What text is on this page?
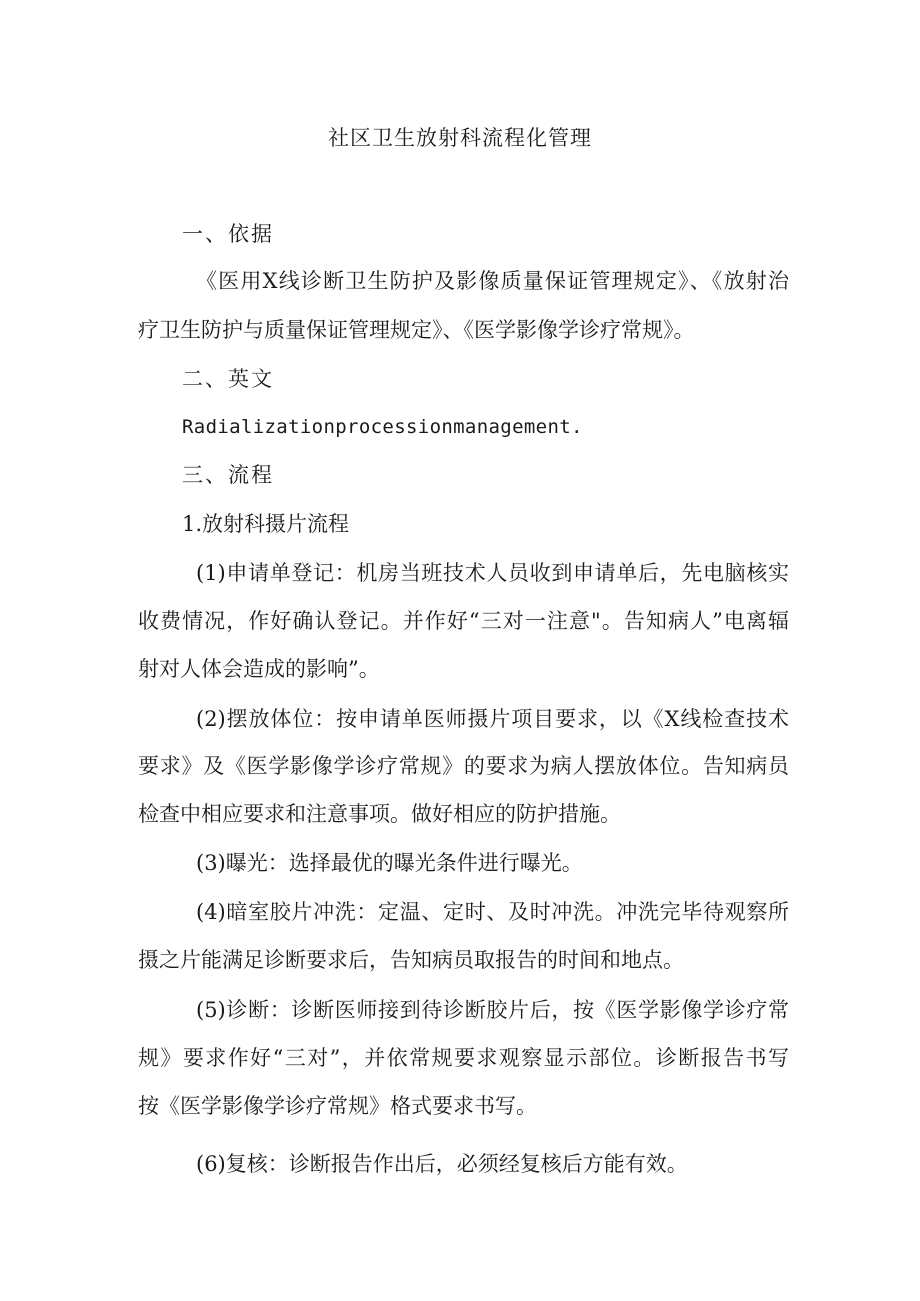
社区卫生放射科流程化管理
一、依据
《医用X线诊断卫生防护及影像质量保证管理规定》、《放射治
疗卫生防护与质量保证管理规定》、《医学影像学诊疗常规》。
二、英文
Radializationprocessionmanagement.
三、流程
1.放射科摄片流程
(1)申请单登记：机房当班技术人员收到申请单后，先电脑核实
收费情况，作好确认登记。并作好“三对一注意"。告知病人”电离辐
射对人体会造成的影响”。
(2)摆放体位：按申请单医师摄片项目要求，以《X线检查技术
要求》及《医学影像学诊疗常规》的要求为病人摆放体位。告知病员
检查中相应要求和注意事项。做好相应的防护措施。
(3)曝光：选择最优的曝光条件进行曝光。
(4)暗室胶片冲洗：定温、定时、及时冲洗。冲洗完毕待观察所
摄之片能满足诊断要求后，告知病员取报告的时间和地点。
(5)诊断：诊断医师接到待诊断胶片后，按《医学影像学诊疗常
规》要求作好“三对”，并依常规要求观察显示部位。诊断报告书写
按《医学影像学诊疗常规》格式要求书写。
(6)复核：诊断报告作出后，必须经复核后方能有效。
